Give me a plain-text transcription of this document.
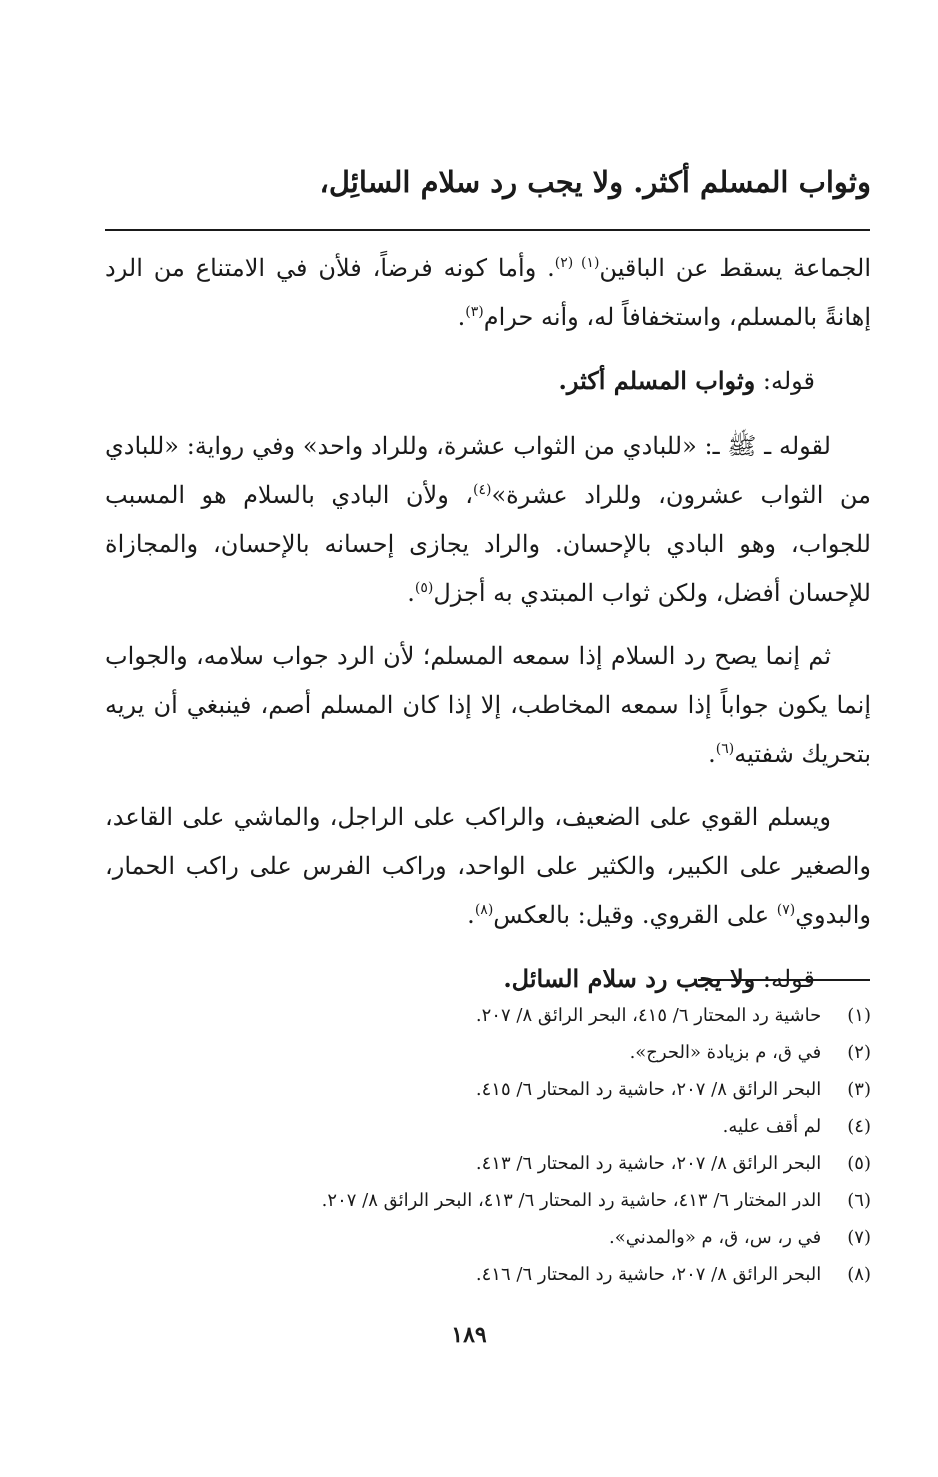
وثواب المسلم أكثر. ولا يجب رد سلام السائِل،

الجماعة يسقط عن الباقين$^{(١) (٢)}$. وأما كونه فرضاً، فلأن في الامتناع من الرد إهانةً بالمسلم، واستخفافاً له، وأنه حرام$^{(٣)}$.

قوله: وثواب المسلم أكثر.

لقوله ـ ﷺ ـ: «للبادي من الثواب عشرة، وللراد واحد» وفي رواية: «للبادي من الثواب عشرون، وللراد عشرة»$^{(٤)}$، ولأن البادي بالسلام هو المسبب للجواب، وهو البادي بالإحسان. والراد يجازى إحسانه بالإحسان، والمجازاة للإحسان أفضل، ولكن ثواب المبتدي به أجزل$^{(٥)}$.

ثم إنما يصح رد السلام إذا سمعه المسلم؛ لأن الرد جواب سلامه، والجواب إنما يكون جواباً إذا سمعه المخاطب، إلا إذا كان المسلم أصم، فينبغي أن يريه بتحريك شفتيه$^{(٦)}$.

ويسلم القوي على الضعيف، والراكب على الراجل، والماشي على القاعد، والصغير على الكبير، والكثير على الواحد، وراكب الفرس على راكب الحمار، والبدوي$^{(٧)}$ على القروي. وقيل: بالعكس$^{(٨)}$.

قوله: ولا يجب رد سلام السائل.

(١) حاشية رد المحتار ٦/ ٤١٥، البحر الرائق ٨/ ٢٠٧.

(٢) في ق، م بزيادة «الحرج».

(٣) البحر الرائق ٨/ ٢٠٧، حاشية رد المحتار ٦/ ٤١٥.

(٤) لم أقف عليه.

(٥) البحر الرائق ٨/ ٢٠٧، حاشية رد المحتار ٦/ ٤١٣.

(٦) الدر المختار ٦/ ٤١٣، حاشية رد المحتار ٦/ ٤١٣، البحر الرائق ٨/ ٢٠٧.

(٧) في ر، س، ق، م «والمدني».

(٨) البحر الرائق ٨/ ٢٠٧، حاشية رد المحتار ٦/ ٤١٦.

١٨٩
